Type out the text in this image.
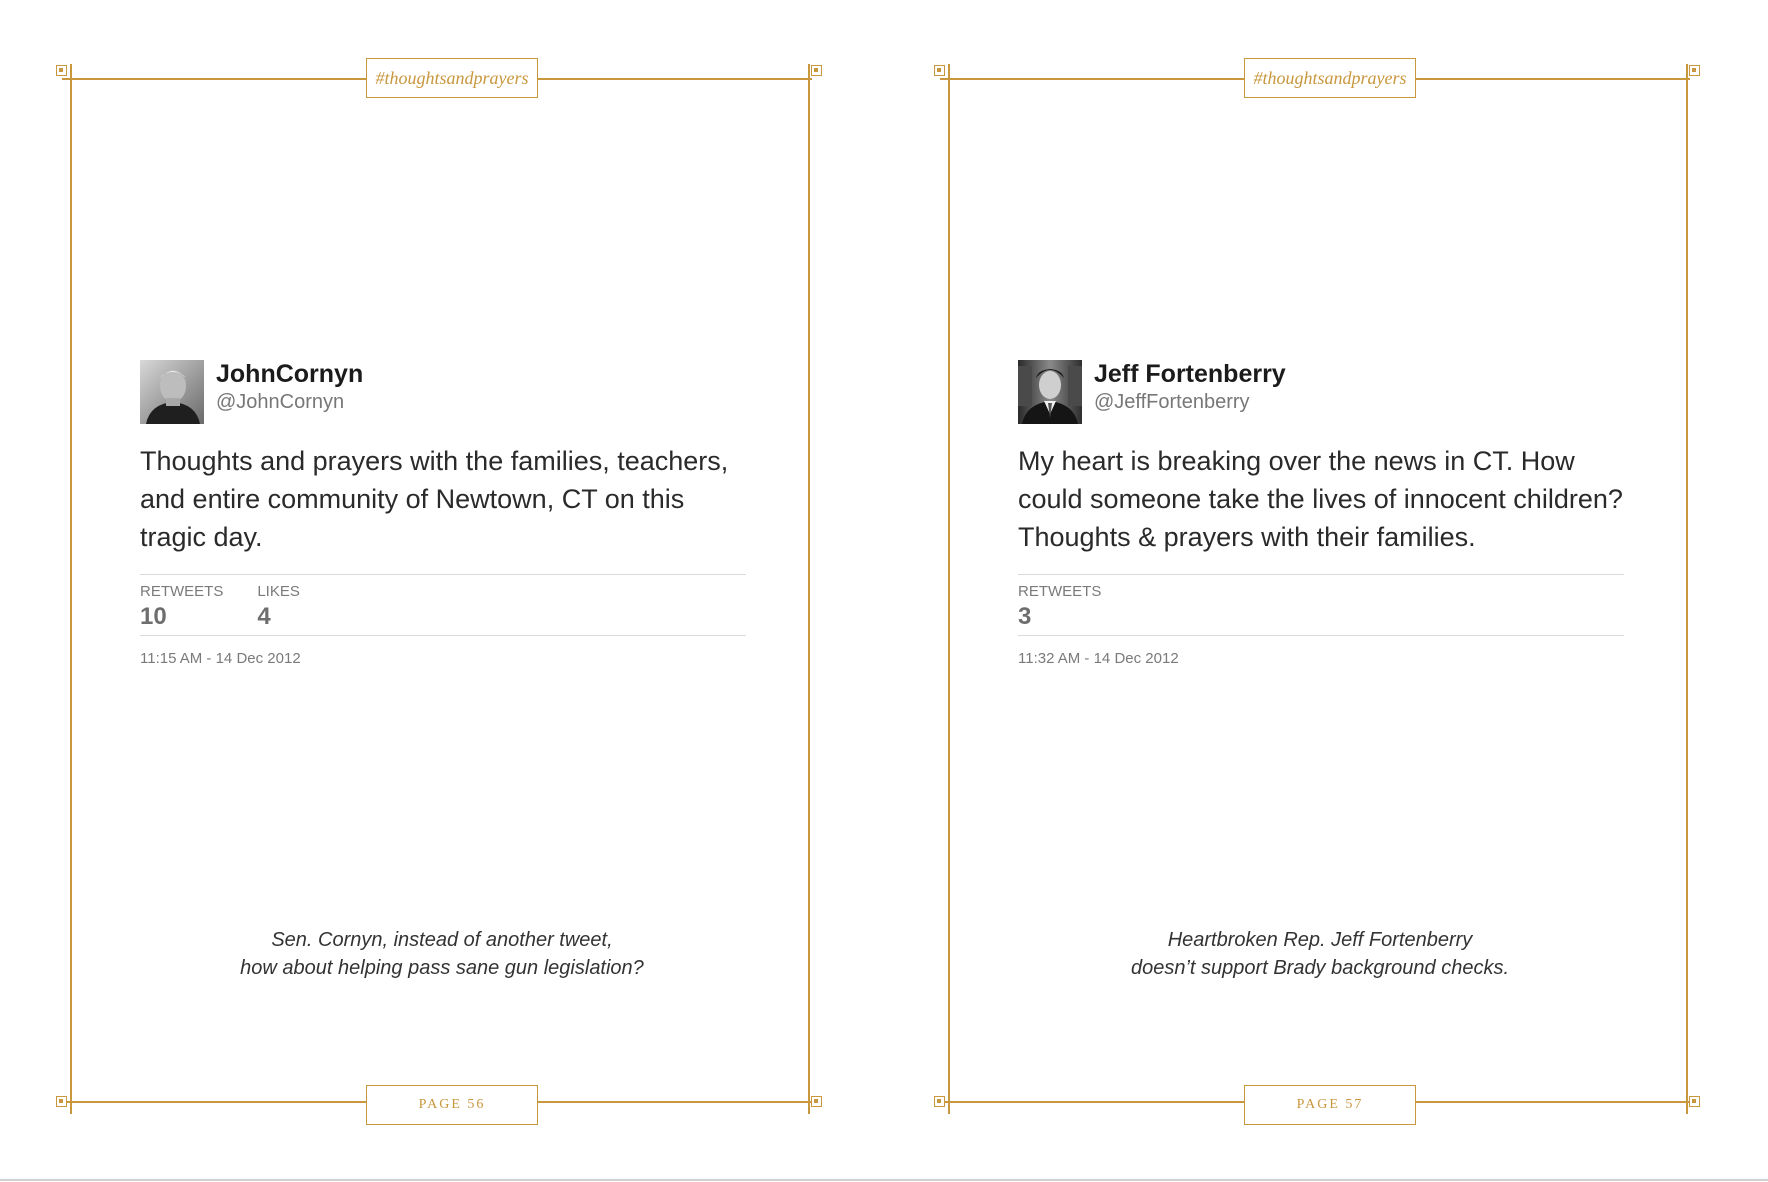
#thoughtsandprayers
PAGE 56
JohnCornyn
@JohnCornyn
Thoughts and prayers with the families, teachers, and entire community of Newtown, CT on this tragic day.
RETWEETS
10
LIKES
4
11:15 AM - 14 Dec 2012
Sen. Cornyn, instead of another tweet,
how about helping pass sane gun legislation?
#thoughtsandprayers
PAGE 57
Jeff Fortenberry
@JeffFortenberry
My heart is breaking over the news in CT. How could someone take the lives of innocent children? Thoughts & prayers with their families.
RETWEETS
3
11:32 AM - 14 Dec 2012
Heartbroken Rep. Jeff Fortenberry
doesn’t support Brady background checks.
